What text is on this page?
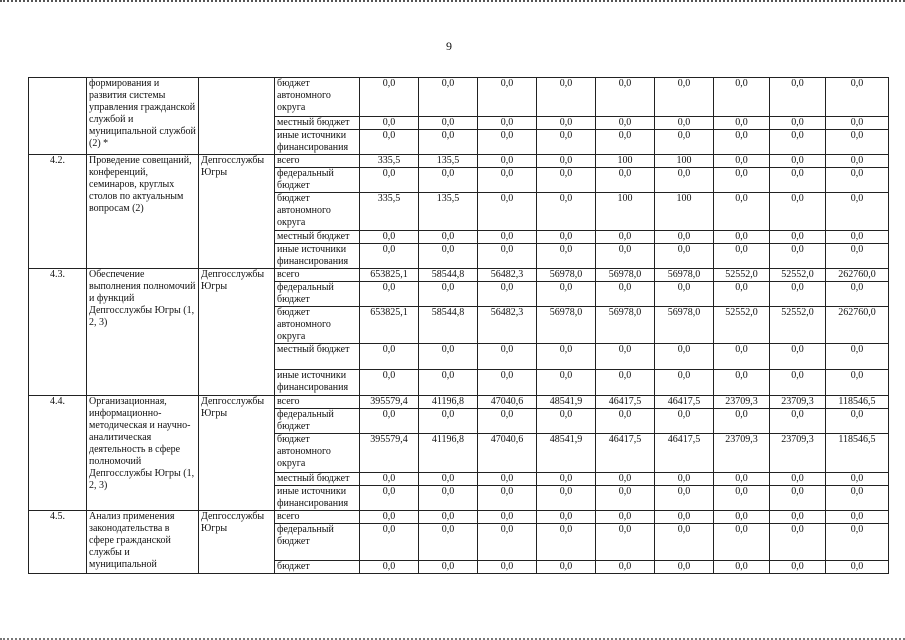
9
	формирования и развития системы управления гражданской службой и муниципальной службой (2) *		бюджет автономного округа	0,0	0,0	0,0	0,0	0,0	0,0	0,0	0,0	0,0
			местный бюджет	0,0	0,0	0,0	0,0	0,0	0,0	0,0	0,0	0,0
			иные источники финансирования	0,0	0,0	0,0	0,0	0,0	0,0	0,0	0,0	0,0
4.2.	Проведение совещаний, конференций, семинаров, круглых столов по актуальным вопросам (2)	Депгосслужбы Югры	всего	335,5	135,5	0,0	0,0	100	100	0,0	0,0	0,0
			федеральный бюджет	0,0	0,0	0,0	0,0	0,0	0,0	0,0	0,0	0,0
			бюджет автономного округа	335,5	135,5	0,0	0,0	100	100	0,0	0,0	0,0
			местный бюджет	0,0	0,0	0,0	0,0	0,0	0,0	0,0	0,0	0,0
			иные источники финансирования	0,0	0,0	0,0	0,0	0,0	0,0	0,0	0,0	0,0
4.3.	Обеспечение выполнения полномочий и функций Депгосслужбы Югры (1, 2, 3)	Депгосслужбы Югры	всего	653825,1	58544,8	56482,3	56978,0	56978,0	56978,0	52552,0	52552,0	262760,0
			федеральный бюджет	0,0	0,0	0,0	0,0	0,0	0,0	0,0	0,0	0,0
			бюджет автономного округа	653825,1	58544,8	56482,3	56978,0	56978,0	56978,0	52552,0	52552,0	262760,0
			местный бюджет	0,0	0,0	0,0	0,0	0,0	0,0	0,0	0,0	0,0
			иные источники финансирования	0,0	0,0	0,0	0,0	0,0	0,0	0,0	0,0	0,0
4.4.	Организационная, информационно-методическая и научно-аналитическая деятельность в сфере полномочий Депгосслужбы Югры (1, 2, 3)	Депгосслужбы Югры	всего	395579,4	41196,8	47040,6	48541,9	46417,5	46417,5	23709,3	23709,3	118546,5
			федеральный бюджет	0,0	0,0	0,0	0,0	0,0	0,0	0,0	0,0	0,0
			бюджет автономного округа	395579,4	41196,8	47040,6	48541,9	46417,5	46417,5	23709,3	23709,3	118546,5
			местный бюджет	0,0	0,0	0,0	0,0	0,0	0,0	0,0	0,0	0,0
			иные источники финансирования	0,0	0,0	0,0	0,0	0,0	0,0	0,0	0,0	0,0
4.5.	Анализ применения законодательства в сфере гражданской службы и муниципальной	Депгосслужбы Югры	всего	0,0	0,0	0,0	0,0	0,0	0,0	0,0	0,0	0,0
			федеральный бюджет	0,0	0,0	0,0	0,0	0,0	0,0	0,0	0,0	0,0
			бюджет	0,0	0,0	0,0	0,0	0,0	0,0	0,0	0,0	0,0
